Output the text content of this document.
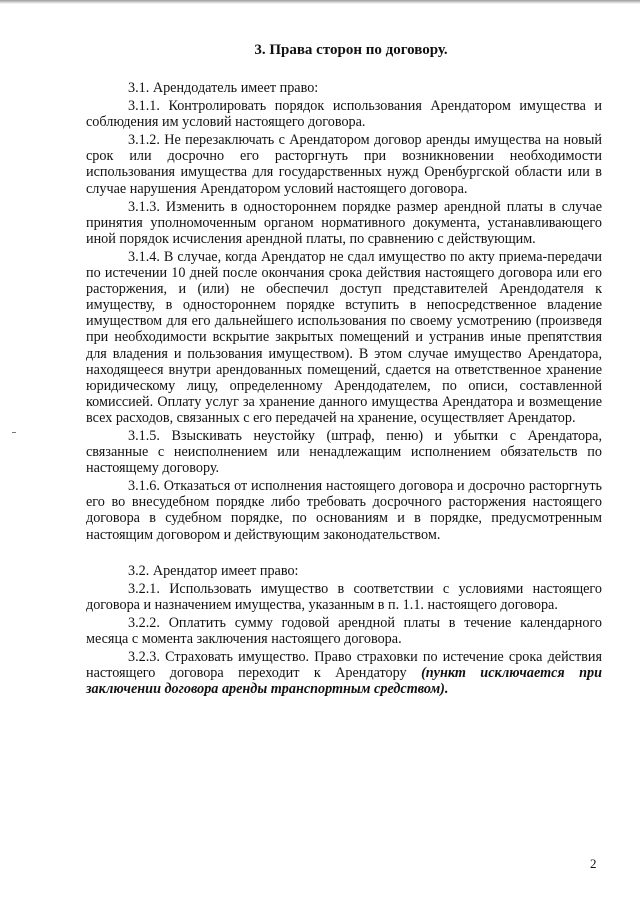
3. Права сторон по договору.

3.1. Арендодатель имеет право:

3.1.1. Контролировать порядок использования Арендатором имущества и соблюдения им условий настоящего договора.

3.1.2. Не перезаключать с Арендатором договор аренды имущества на новый срок или досрочно его расторгнуть при возникновении необходимости использования имущества для государственных нужд Оренбургской области или в случае нарушения Арендатором условий настоящего договора.

3.1.3. Изменить в одностороннем порядке размер арендной платы в случае принятия уполномоченным органом нормативного документа, устанавливающего иной порядок исчисления арендной платы, по сравнению с действующим.

3.1.4. В случае, когда Арендатор не сдал имущество по акту приема-передачи по истечении 10 дней после окончания срока действия настоящего договора или его расторжения, и (или) не обеспечил доступ представителей Арендодателя к имуществу, в одностороннем порядке вступить в непосредственное владение имуществом для его дальнейшего использования по своему усмотрению (произведя при необходимости вскрытие закрытых помещений и устранив иные препятствия для владения и пользования имуществом). В этом случае имущество Арендатора, находящееся внутри арендованных помещений, сдается на ответственное хранение юридическому лицу, определенному Арендодателем, по описи, составленной комиссией. Оплату услуг за хранение данного имущества Арендатора и возмещение всех расходов, связанных с его передачей на хранение, осуществляет Арендатор.

3.1.5. Взыскивать неустойку (штраф, пеню) и убытки с Арендатора, связанные с неисполнением или ненадлежащим исполнением обязательств по настоящему договору.

3.1.6. Отказаться от исполнения настоящего договора и досрочно расторгнуть его во внесудебном порядке либо требовать досрочного расторжения настоящего договора в судебном порядке, по основаниям и в порядке, предусмотренным настоящим договором и действующим законодательством.

3.2. Арендатор имеет право:

3.2.1. Использовать имущество в соответствии с условиями настоящего договора и назначением имущества, указанным в п. 1.1. настоящего договора.

3.2.2. Оплатить сумму годовой арендной платы в течение календарного месяца с момента заключения настоящего договора.

3.2.3. Страховать имущество. Право страховки по истечение срока действия настоящего договора переходит к Арендатору (пункт исключается при заключении договора аренды транспортным средством).

2
